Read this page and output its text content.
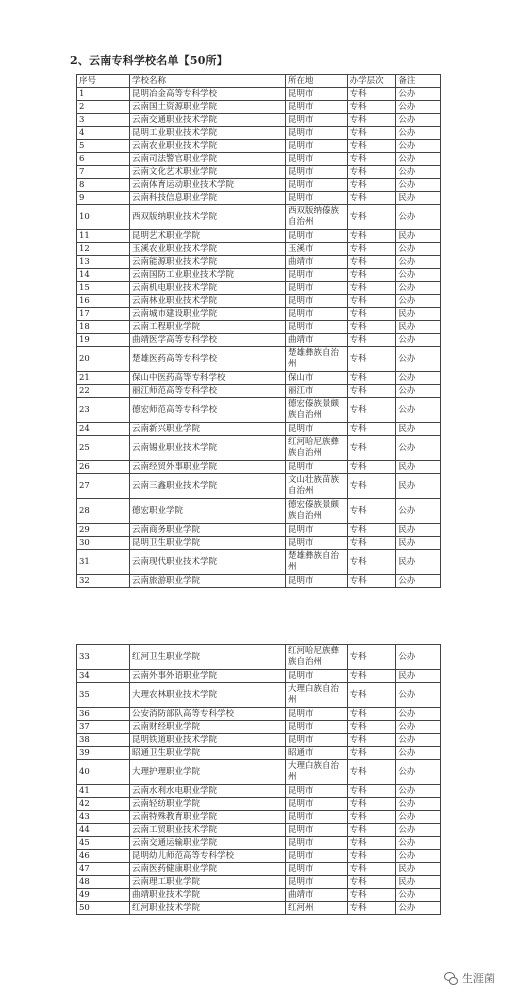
2、云南专科学校名单【50所】
序号	学校名称	所在地	办学层次	备注
1	昆明冶金高等专科学校	昆明市	专科	公办
2	云南国土资源职业学院	昆明市	专科	公办
3	云南交通职业技术学院	昆明市	专科	公办
4	昆明工业职业技术学院	昆明市	专科	公办
5	云南农业职业技术学院	昆明市	专科	公办
6	云南司法警官职业学院	昆明市	专科	公办
7	云南文化艺术职业学院	昆明市	专科	公办
8	云南体育运动职业技术学院	昆明市	专科	公办
9	云南科技信息职业学院	昆明市	专科	民办
10	西双版纳职业技术学院	西双版纳傣族自治州	专科	公办
11	昆明艺术职业学院	昆明市	专科	民办
12	玉溪农业职业技术学院	玉溪市	专科	公办
13	云南能源职业技术学院	曲靖市	专科	公办
14	云南国防工业职业技术学院	昆明市	专科	公办
15	云南机电职业技术学院	昆明市	专科	公办
16	云南林业职业技术学院	昆明市	专科	公办
17	云南城市建设职业学院	昆明市	专科	民办
18	云南工程职业学院	昆明市	专科	民办
19	曲靖医学高等专科学校	曲靖市	专科	公办
20	楚雄医药高等专科学校	楚雄彝族自治州	专科	公办
21	保山中医药高等专科学校	保山市	专科	公办
22	丽江师范高等专科学校	丽江市	专科	公办
23	德宏师范高等专科学校	德宏傣族景颇族自治州	专科	公办
24	云南新兴职业学院	昆明市	专科	民办
25	云南锡业职业技术学院	红河哈尼族彝族自治州	专科	公办
26	云南经贸外事职业学院	昆明市	专科	民办
27	云南三鑫职业技术学院	文山壮族苗族自治州	专科	民办
28	德宏职业学院	德宏傣族景颇族自治州	专科	公办
29	云南商务职业学院	昆明市	专科	民办
30	昆明卫生职业学院	昆明市	专科	民办
31	云南现代职业技术学院	楚雄彝族自治州	专科	民办
32	云南旅游职业学院	昆明市	专科	公办
33	红河卫生职业学院	红河哈尼族彝族自治州	专科	公办
34	云南外事外语职业学院	昆明市	专科	民办
35	大理农林职业技术学院	大理白族自治州	专科	公办
36	公安消防部队高等专科学校	昆明市	专科	公办
37	云南财经职业学院	昆明市	专科	公办
38	昆明铁道职业技术学院	昆明市	专科	公办
39	昭通卫生职业学院	昭通市	专科	公办
40	大理护理职业学院	大理白族自治州	专科	公办
41	云南水利水电职业学院	昆明市	专科	公办
42	云南轻纺职业学院	昆明市	专科	公办
43	云南特殊教育职业学院	昆明市	专科	公办
44	云南工贸职业技术学院	昆明市	专科	公办
45	云南交通运输职业学院	昆明市	专科	公办
46	昆明幼儿师范高等专科学校	昆明市	专科	公办
47	云南医药健康职业学院	昆明市	专科	民办
48	云南理工职业学院	昆明市	专科	民办
49	曲靖职业技术学院	曲靖市	专科	公办
50	红河职业技术学院	红河州	专科	公办
生涯菌
